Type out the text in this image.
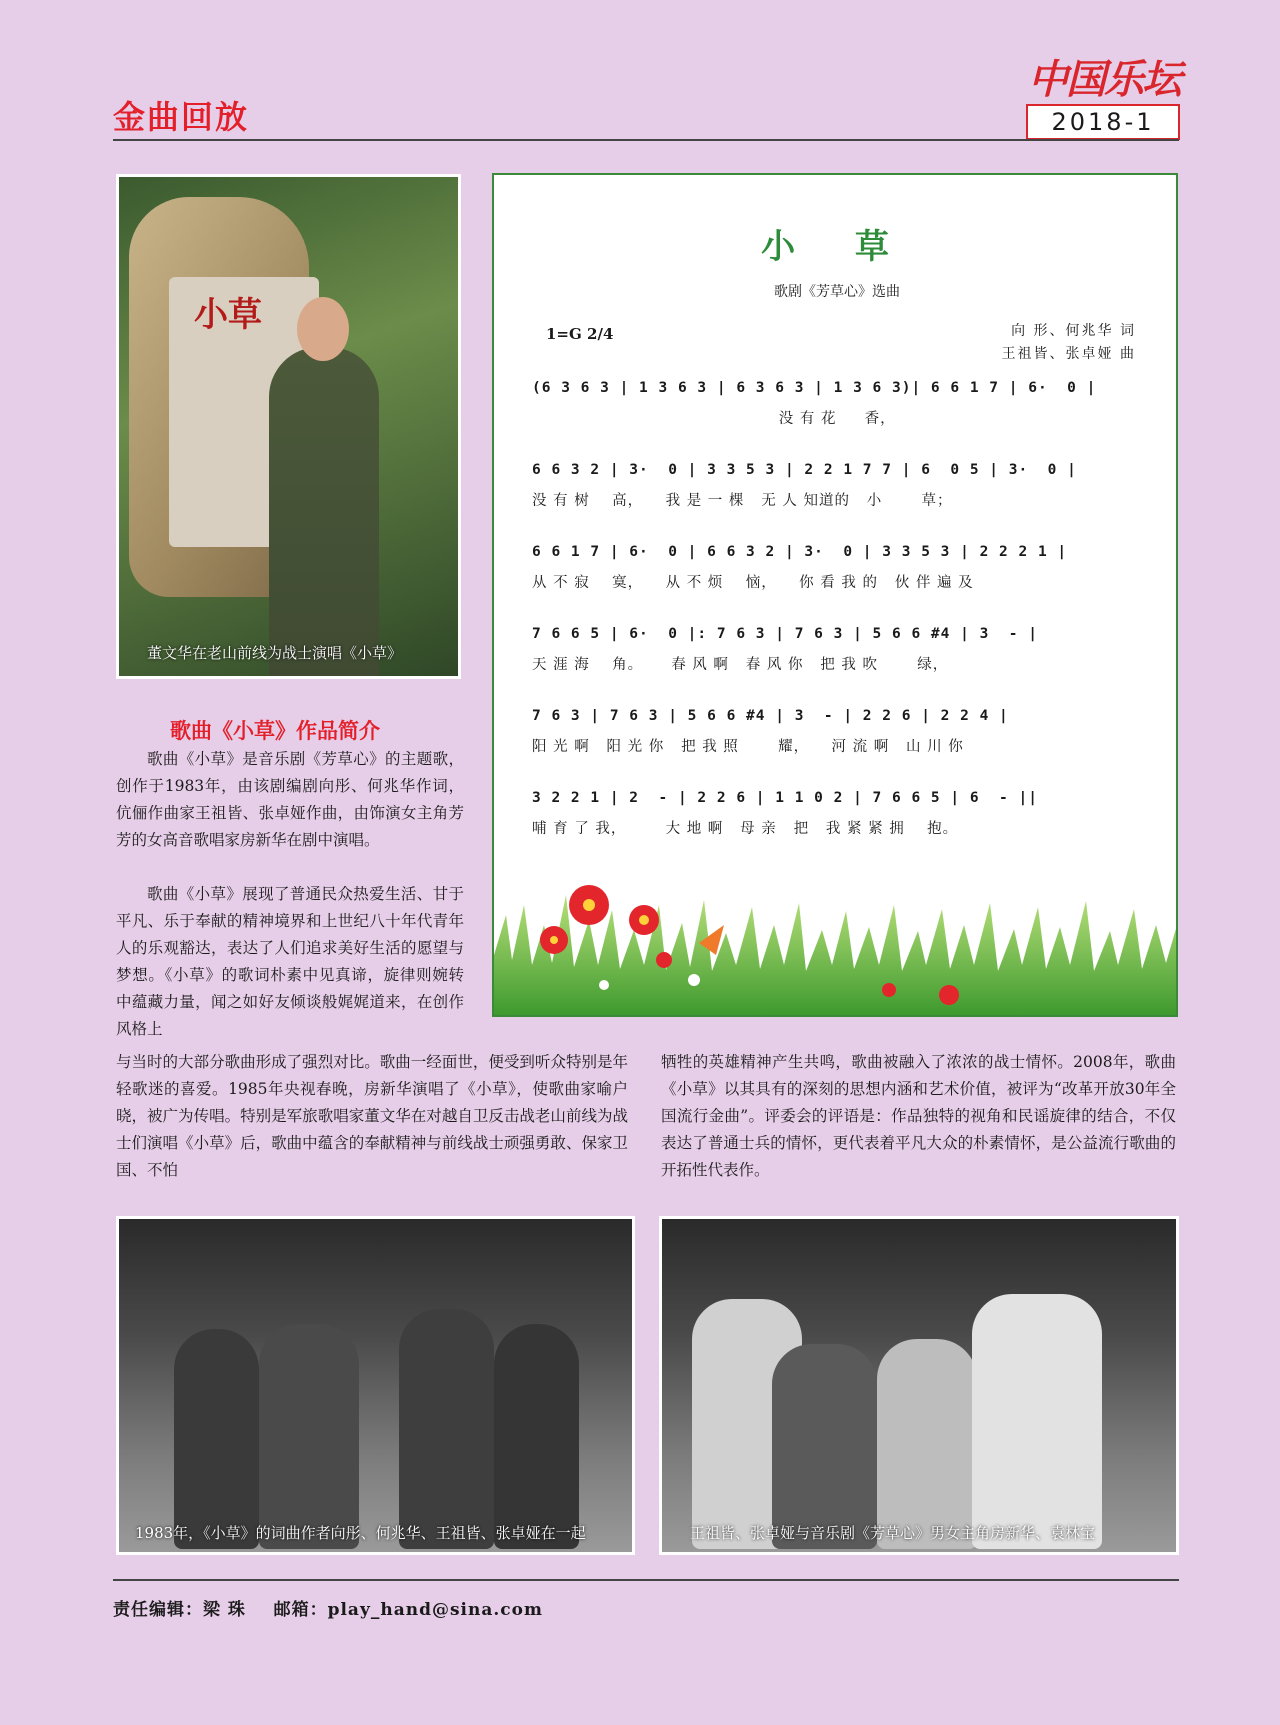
金曲回放
中国乐坛
2018-1
小草
董文华在老山前线为战士演唱《小草》
歌曲《小草》作品简介
歌曲《小草》是音乐剧《芳草心》的主题歌，创作于1983年，由该剧编剧向彤、何兆华作词，伉俪作曲家王祖皆、张卓娅作曲，由饰演女主角芳芳的女高音歌唱家房新华在剧中演唱。
歌曲《小草》展现了普通民众热爱生活、甘于平凡、乐于奉献的精神境界和上世纪八十年代青年人的乐观豁达，表达了人们追求美好生活的愿望与梦想。《小草》的歌词朴素中见真谛，旋律则婉转中蕴藏力量，闻之如好友倾谈般娓娓道来，在创作风格上
与当时的大部分歌曲形成了强烈对比。歌曲一经面世，便受到听众特别是年轻歌迷的喜爱。1985年央视春晚，房新华演唱了《小草》，使歌曲家喻户晓，被广为传唱。特别是军旅歌唱家董文华在对越自卫反击战老山前线为战士们演唱《小草》后，歌曲中蕴含的奉献精神与前线战士顽强勇敢、保家卫国、不怕
牺牲的英雄精神产生共鸣，歌曲被融入了浓浓的战士情怀。2008年，歌曲《小草》以其具有的深刻的思想内涵和艺术价值，被评为“改革开放30年全国流行金曲”。评委会的评语是：作品独特的视角和民谣旋律的结合，不仅表达了普通士兵的情怀，更代表着平凡大众的朴素情怀，是公益流行歌曲的开拓性代表作。
小 草
歌剧《芳草心》选曲
1=G 2/4	向 形、何兆华 词
王祖皆、张卓娅 曲
(6 3 6 3 | 1 3 6 3 | 6 3 6 3 | 1 3 6 3)| 6 6 1 7 | 6·  0 |
没 有 花     香，
6 6 3 2 | 3·  0 | 3 3 5 3 | 2 2 1 7 7 | 6  0 5 | 3·  0 |
没 有 树    高，    我 是 一 棵   无 人 知道的   小       草；
6 6 1 7 | 6·  0 | 6 6 3 2 | 3·  0 | 3 3 5 3 | 2 2 2 1 |
从 不 寂    寞，    从 不 烦    恼，    你 看 我 的   伙 伴 遍 及
7 6 6 5 | 6·  0 |: 7 6 3 | 7 6 3 | 5 6 6 #4 | 3  - |
天 涯 海    角。     春 风 啊   春 风 你   把 我 吹       绿，
7 6 3 | 7 6 3 | 5 6 6 #4 | 3  - | 2 2 6 | 2 2 4 |
阳 光 啊   阳 光 你   把 我 照       耀，    河 流 啊   山 川 你
3 2 2 1 | 2  - | 2 2 6 | 1 1 0 2 | 7 6 6 5 | 6  - ||
哺 育 了 我，       大 地 啊   母 亲   把   我 紧 紧 拥    抱。
1983年，《小草》的词曲作者向彤、何兆华、王祖皆、张卓娅在一起	王祖皆、张卓娅与音乐剧《芳草心》男女主角房新华、袁林宝
责任编辑：梁 珠    邮箱：play_hand@sina.com
